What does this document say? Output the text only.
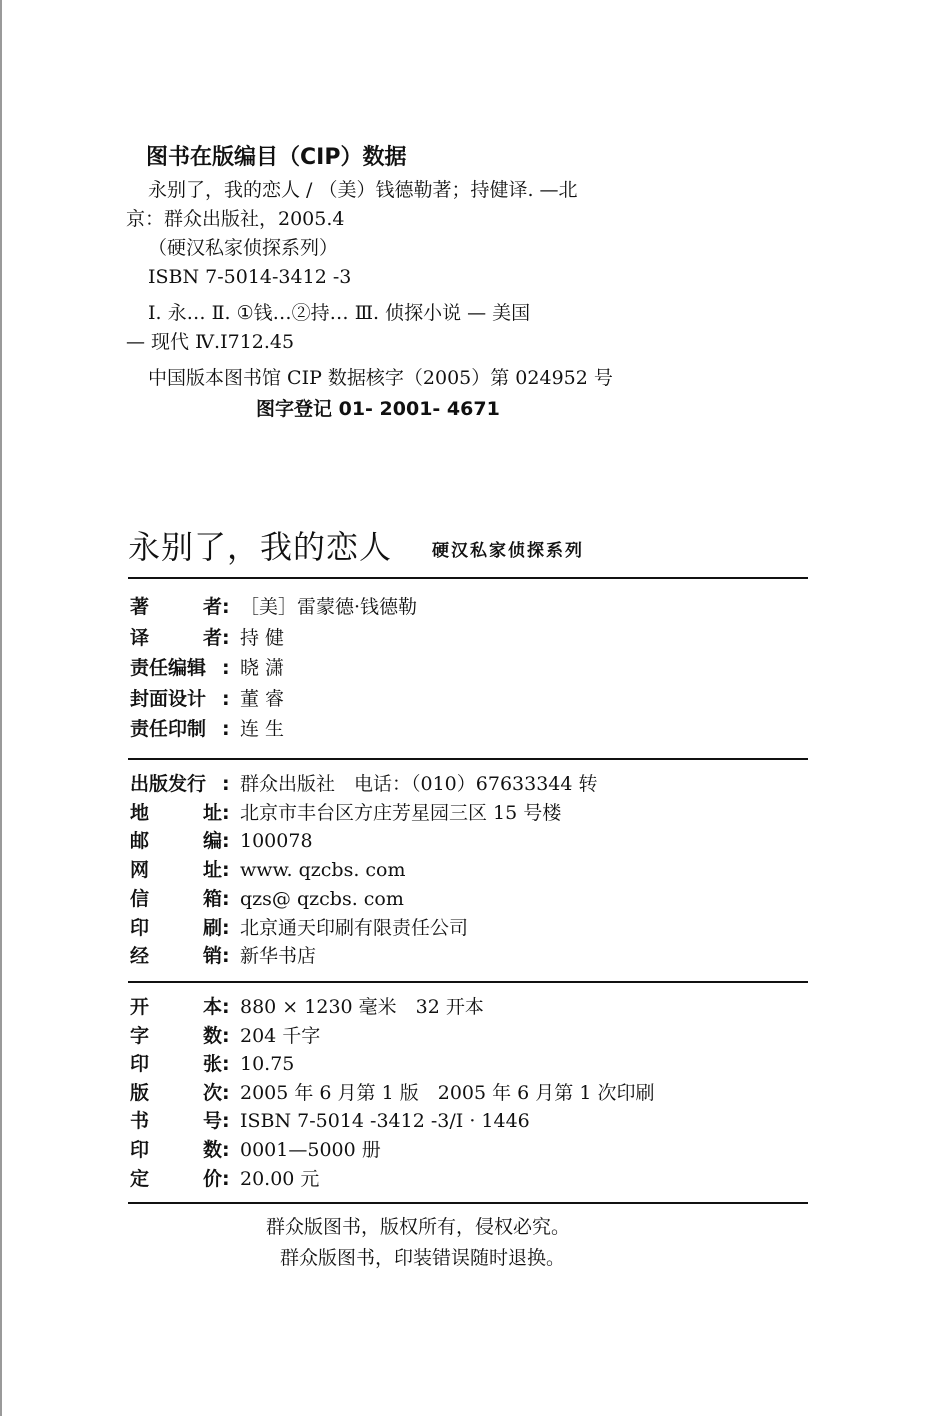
图书在版编目（CIP）数据
永别了，我的恋人 / （美）钱德勒著；持健译. —北
京：群众出版社，2005.4
（硬汉私家侦探系列）
ISBN 7-5014-3412 -3
Ⅰ. 永… Ⅱ. ①钱…②持… Ⅲ. 侦探小说 — 美国
— 现代 Ⅳ.I712.45
中国版本图书馆 CIP 数据核字（2005）第 024952 号
图字登记 01- 2001- 4671
永别了，我的恋人 硬汉私家侦探系列
著	者 : ［美］雷蒙德·钱德勒
译	者 : 持 健
责任编辑 : 晓 潇
封面设计 : 董 睿
责任印制 : 连 生
出版发行 : 群众出版社　电话：（010）67633344 转
地	址 : 北京市丰台区方庄芳星园三区 15 号楼
邮	编 : 100078
网	址 : www. qzcbs. com
信	箱 : qzs@ qzcbs. com
印	刷 : 北京通天印刷有限责任公司
经	销 : 新华书店
开	本 : 880 × 1230 毫米　32 开本
字	数 : 204 千字
印	张 : 10.75
版	次 : 2005 年 6 月第 1 版　2005 年 6 月第 1 次印刷
书	号 : ISBN 7-5014 -3412 -3/I · 1446
印	数 : 0001—5000 册
定	价 : 20.00 元
群众版图书，版权所有，侵权必究。
群众版图书，印装错误随时退换。
